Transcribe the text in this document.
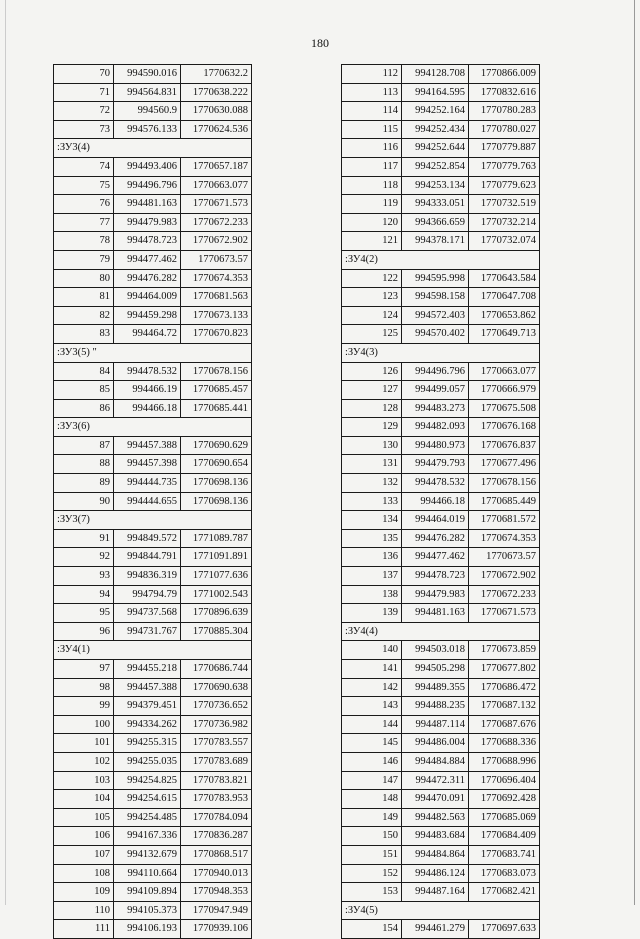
180
70	994590.016	1770632.2
71	994564.831	1770638.222
72	994560.9	1770630.088
73	994576.133	1770624.536
:ЗУ3(4)		
74	994493.406	1770657.187
75	994496.796	1770663.077
76	994481.163	1770671.573
77	994479.983	1770672.233
78	994478.723	1770672.902
79	994477.462	1770673.57
80	994476.282	1770674.353
81	994464.009	1770681.563
82	994459.298	1770673.133
83	994464.72	1770670.823
:ЗУ3(5) "		
84	994478.532	1770678.156
85	994466.19	1770685.457
86	994466.18	1770685.441
:ЗУ3(6)		
87	994457.388	1770690.629
88	994457.398	1770690.654
89	994444.735	1770698.136
90	994444.655	1770698.136
:ЗУ3(7)		
91	994849.572	1771089.787
92	994844.791	1771091.891
93	994836.319	1771077.636
94	994794.79	1771002.543
95	994737.568	1770896.639
96	994731.767	1770885.304
:ЗУ4(1)		
97	994455.218	1770686.744
98	994457.388	1770690.638
99	994379.451	1770736.652
100	994334.262	1770736.982
101	994255.315	1770783.557
102	994255.035	1770783.689
103	994254.825	1770783.821
104	994254.615	1770783.953
105	994254.485	1770784.094
106	994167.336	1770836.287
107	994132.679	1770868.517
108	994110.664	1770940.013
109	994109.894	1770948.353
110	994105.373	1770947.949
111	994106.193	1770939.106
112	994128.708	1770866.009
113	994164.595	1770832.616
114	994252.164	1770780.283
115	994252.434	1770780.027
116	994252.644	1770779.887
117	994252.854	1770779.763
118	994253.134	1770779.623
119	994333.051	1770732.519
120	994366.659	1770732.214
121	994378.171	1770732.074
:ЗУ4(2)		
122	994595.998	1770643.584
123	994598.158	1770647.708
124	994572.403	1770653.862
125	994570.402	1770649.713
:ЗУ4(3)		
126	994496.796	1770663.077
127	994499.057	1770666.979
128	994483.273	1770675.508
129	994482.093	1770676.168
130	994480.973	1770676.837
131	994479.793	1770677.496
132	994478.532	1770678.156
133	994466.18	1770685.449
134	994464.019	1770681.572
135	994476.282	1770674.353
136	994477.462	1770673.57
137	994478.723	1770672.902
138	994479.983	1770672.233
139	994481.163	1770671.573
:ЗУ4(4)		
140	994503.018	1770673.859
141	994505.298	1770677.802
142	994489.355	1770686.472
143	994488.235	1770687.132
144	994487.114	1770687.676
145	994486.004	1770688.336
146	994484.884	1770688.996
147	994472.311	1770696.404
148	994470.091	1770692.428
149	994482.563	1770685.069
150	994483.684	1770684.409
151	994484.864	1770683.741
152	994486.124	1770683.073
153	994487.164	1770682.421
:ЗУ4(5)		
154	994461.279	1770697.633
